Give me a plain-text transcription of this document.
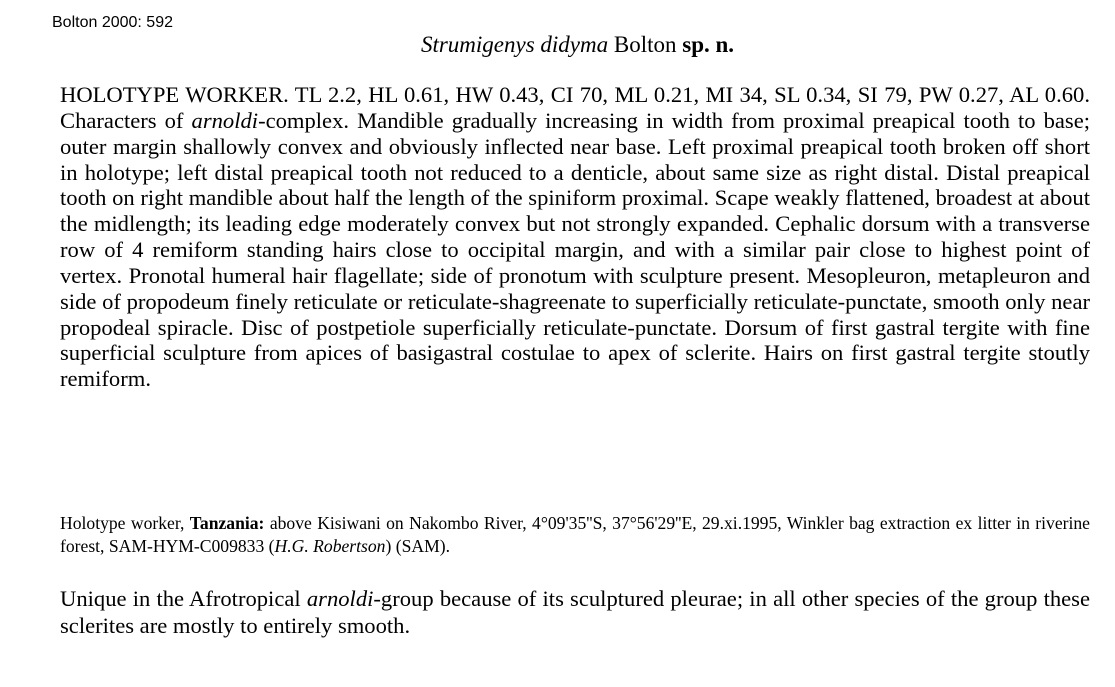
Bolton 2000: 592
Strumigenys didyma Bolton sp. n.

HOLOTYPE WORKER. TL 2.2, HL 0.61, HW 0.43, CI 70, ML 0.21, MI 34, SL 0.34, SI 79, PW 0.27, AL 0.60. Characters of arnoldi-complex. Mandible gradually increasing in width from proximal preapical tooth to base; outer margin shallowly convex and obviously inflected near base. Left proximal preapical tooth broken off short in holotype; left distal preapical tooth not reduced to a denticle, about same size as right distal. Distal preapical tooth on right mandible about half the length of the spiniform proximal. Scape weakly flattened, broadest at about the midlength; its leading edge moderately convex but not strongly expanded. Cephalic dorsum with a transverse row of 4 remiform standing hairs close to occipital margin, and with a similar pair close to highest point of vertex. Pronotal humeral hair flagellate; side of pronotum with sculpture present. Mesopleuron, metapleuron and side of propodeum finely reticulate or reticulate-shagreenate to superficially reticulate-punctate, smooth only near propodeal spiracle. Disc of postpetiole superficially reticulate-punctate. Dorsum of first gastral tergite with fine superficial sculpture from apices of basigastral costulae to apex of sclerite. Hairs on first gastral tergite stoutly remiform.

Holotype worker, Tanzania: above Kisiwani on Nakombo River, 4°09'35''S, 37°56'29''E, 29.xi.1995, Winkler bag extraction ex litter in riverine forest, SAM-HYM-C009833 (H.G. Robertson) (SAM).

Unique in the Afrotropical arnoldi-group because of its sculptured pleurae; in all other species of the group these sclerites are mostly to entirely smooth.
